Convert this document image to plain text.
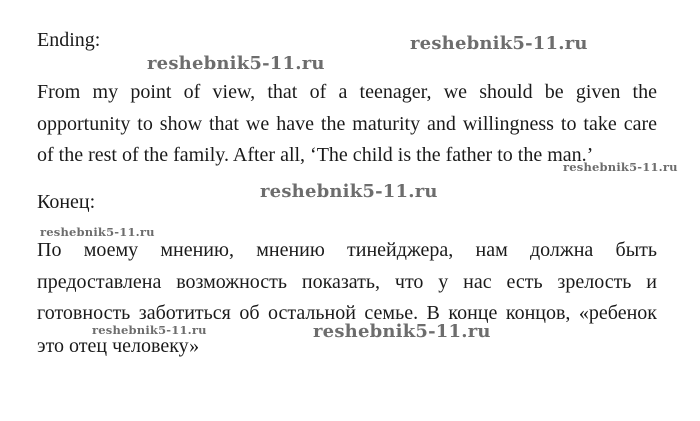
Ending:
From my point of view, that of a teenager, we should be given the
opportunity to show that we have the maturity and willingness to take care
of the rest of the family. After all, ‘The child is the father to the man.’
Конец:
По моему мнению, мнению тинейджера, нам должна быть
предоставлена возможность показать, что у нас есть зрелость и
готовность заботиться об остальной семье. В конце концов, «ребенок
это отец человеку»
reshebnik5-11.ru
reshebnik5-11.ru
reshebnik5-11.ru
reshebnik5-11.ru
reshebnik5-11.ru
reshebnik5-11.ru	reshebnik5-11.ru
